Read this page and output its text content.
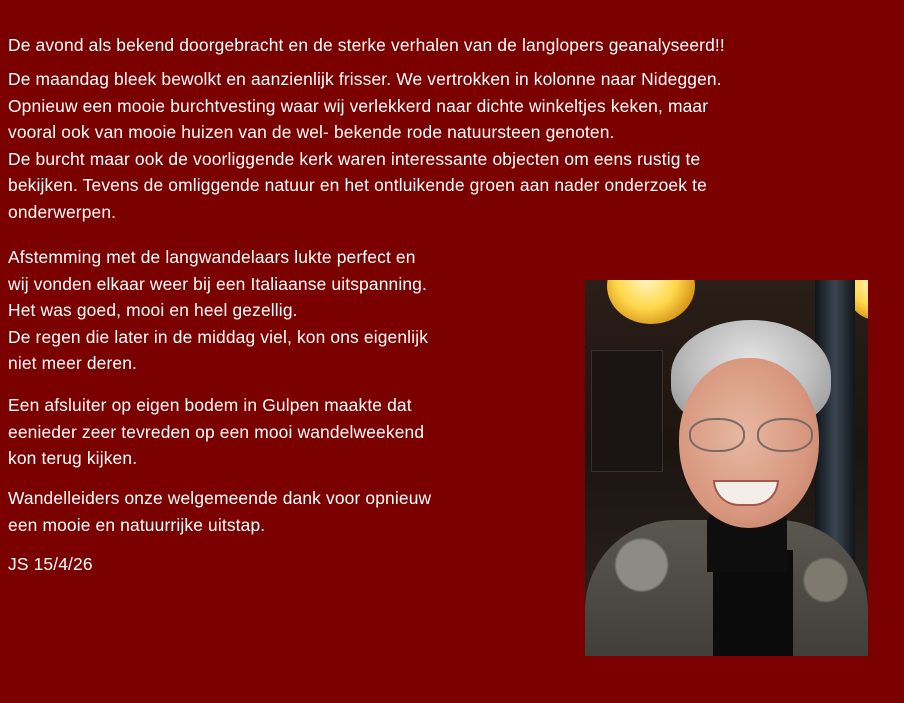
De avond als bekend doorgebracht en de sterke verhalen van de langlopers geanalyseerd!!

De maandag bleek bewolkt en aanzienlijk frisser. We vertrokken in kolonne naar Nideggen.
Opnieuw een mooie burchtvesting waar wij verlekkerd naar dichte winkeltjes keken, maar
vooral ook van mooie huizen van de wel- bekende rode natuursteen genoten.
De burcht maar ook de voorliggende kerk waren interessante objecten om eens rustig te
bekijken. Tevens de omliggende natuur en het ontluikende groen aan nader onderzoek te
onderwerpen.

Afstemming met de langwandelaars lukte perfect en
wij vonden elkaar weer bij een Italiaanse uitspanning.
Het was goed, mooi en heel gezellig.
De regen die later in de middag viel, kon ons eigenlijk
niet meer deren.

Een afsluiter op eigen bodem in Gulpen maakte dat
eenieder zeer tevreden op een mooi wandelweekend
kon terug kijken.

Wandelleiders onze welgemeende dank voor opnieuw
een mooie en natuurrijke uitstap.

JS 15/4/26
